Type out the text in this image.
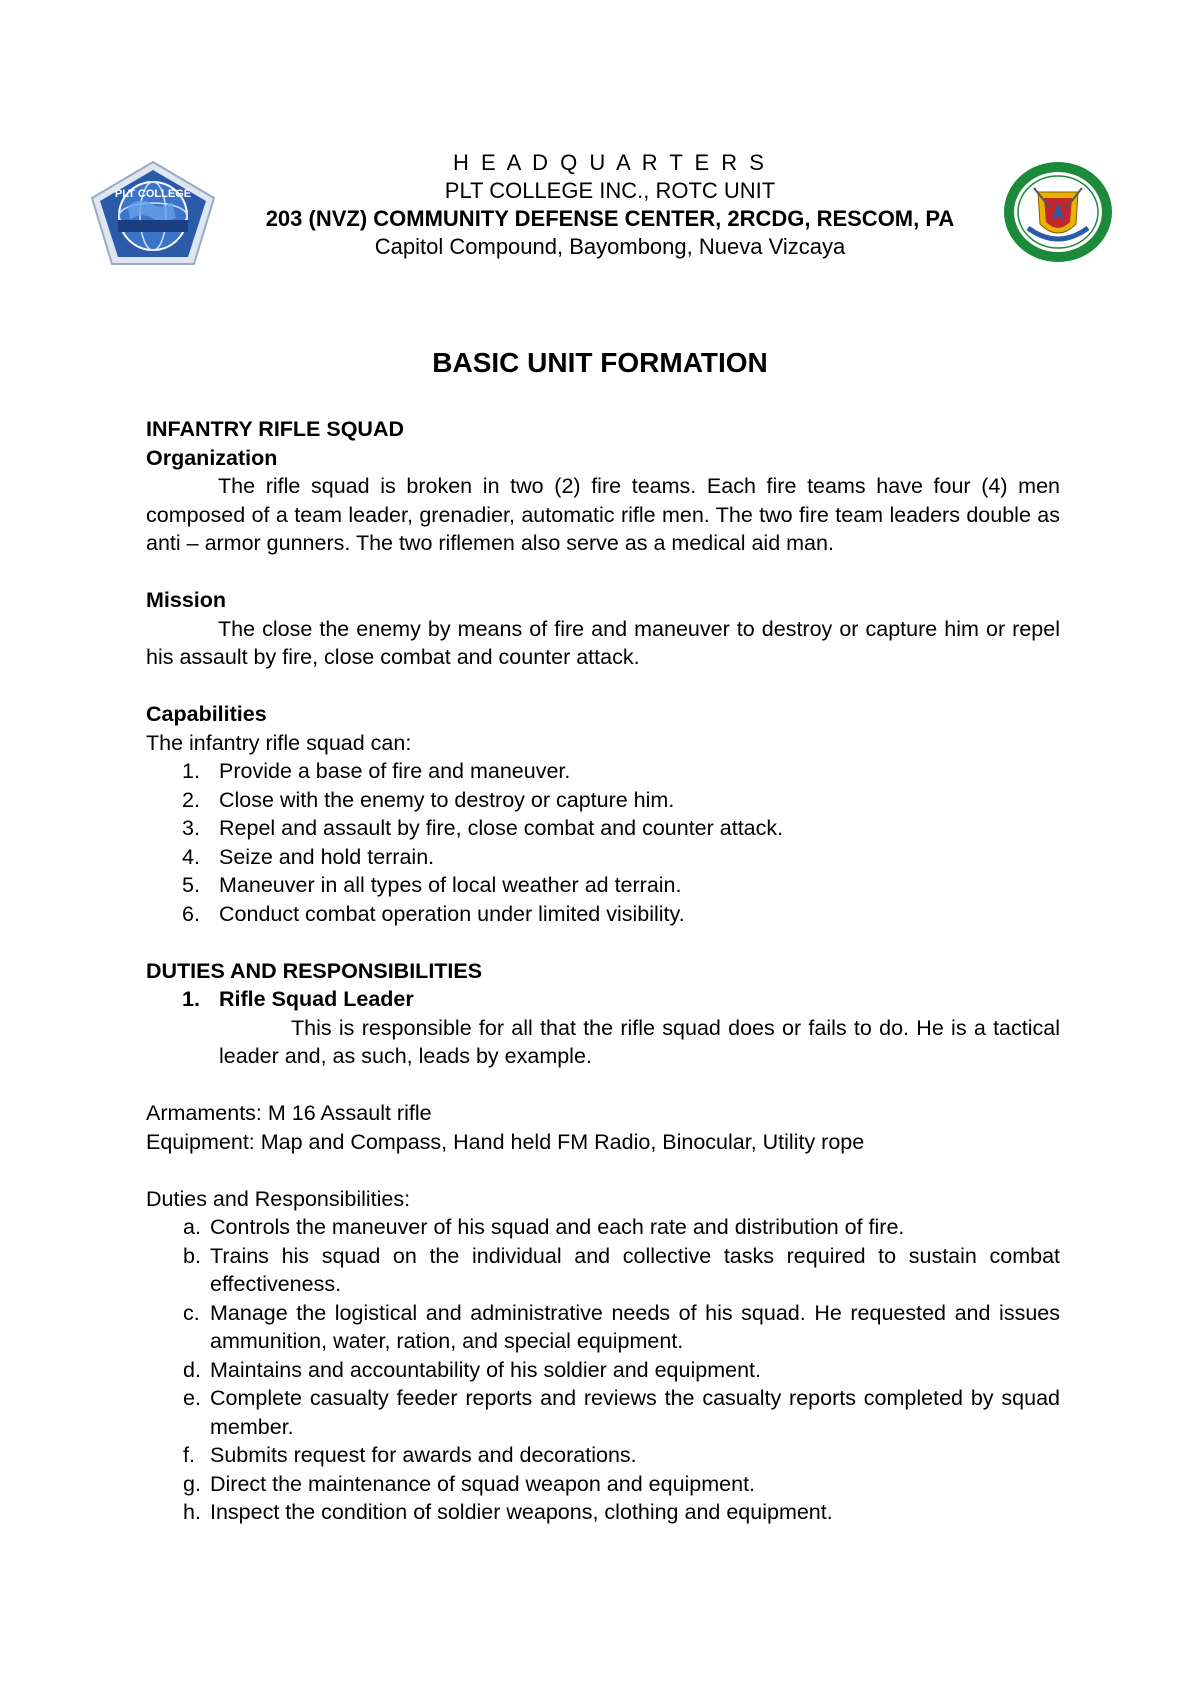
PLT COLLEGE
H E A D Q U A R T E R S
PLT COLLEGE INC., ROTC UNIT
203 (NVZ) COMMUNITY DEFENSE CENTER, 2RCDG, RESCOM, PA
Capitol Compound, Bayombong, Nueva Vizcaya
BASIC UNIT FORMATION

INFANTRY RIFLE SQUAD

Organization

The rifle squad is broken in two (2) fire teams. Each fire teams have four (4) men composed of a team leader, grenadier, automatic rifle men. The two fire team leaders double as anti – armor gunners. The two riflemen also serve as a medical aid man.

Mission

The close the enemy by means of fire and maneuver to destroy or capture him or repel his assault by fire, close combat and counter attack.

Capabilities

The infantry rifle squad can:

1. Provide a base of fire and maneuver.
2. Close with the enemy to destroy or capture him.
3. Repel and assault by fire, close combat and counter attack.
4. Seize and hold terrain.
5. Maneuver in all types of local weather ad terrain.
6. Conduct combat operation under limited visibility.

DUTIES AND RESPONSIBILITIES

1. Rifle Squad Leader

This is responsible for all that the rifle squad does or fails to do. He is a tactical leader and, as such, leads by example.

Armaments: M 16 Assault rifle

Equipment: Map and Compass, Hand held FM Radio, Binocular, Utility rope

Duties and Responsibilities:

a. Controls the maneuver of his squad and each rate and distribution of fire.
b. Trains his squad on the individual and collective tasks required to sustain combat effectiveness.
c. Manage the logistical and administrative needs of his squad. He requested and issues ammunition, water, ration, and special equipment.
d. Maintains and accountability of his soldier and equipment.
e. Complete casualty feeder reports and reviews the casualty reports completed by squad member.
f. Submits request for awards and decorations.
g. Direct the maintenance of squad weapon and equipment.
h. Inspect the condition of soldier weapons, clothing and equipment.
